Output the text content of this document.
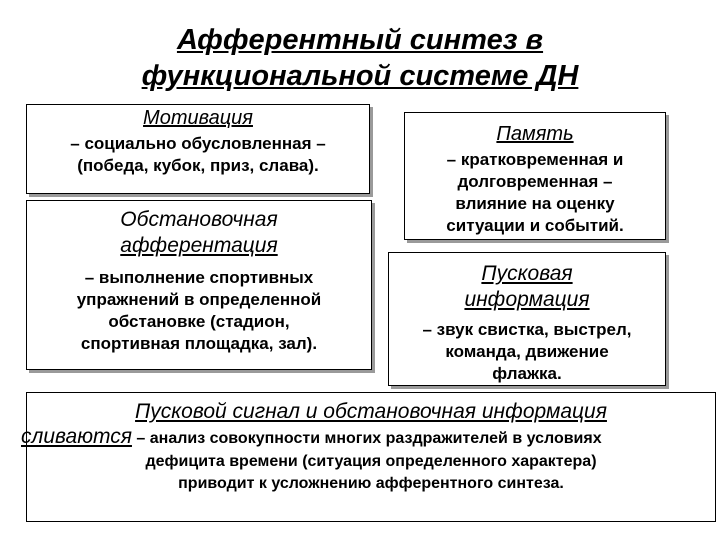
Афферентный синтез в
функциональной системе ДН
Мотивация
– социально обусловленная –
(победа, кубок, приз, слава).
Память
– кратковременная и
долговременная –
влияние на оценку
ситуации и событий.
Обстановочная
афферентация
– выполнение спортивных
упражнений в определенной
обстановке (стадион,
спортивная площадка, зал).
Пусковая
информация
– звук свистка, выстрел,
команда, движение
флажка.
Пусковой сигнал и обстановочная информация
сливаются – анализ совокупности многих раздражителей в условиях
дефицита времени (ситуация определенного характера)
приводит к усложнению афферентного синтеза.
